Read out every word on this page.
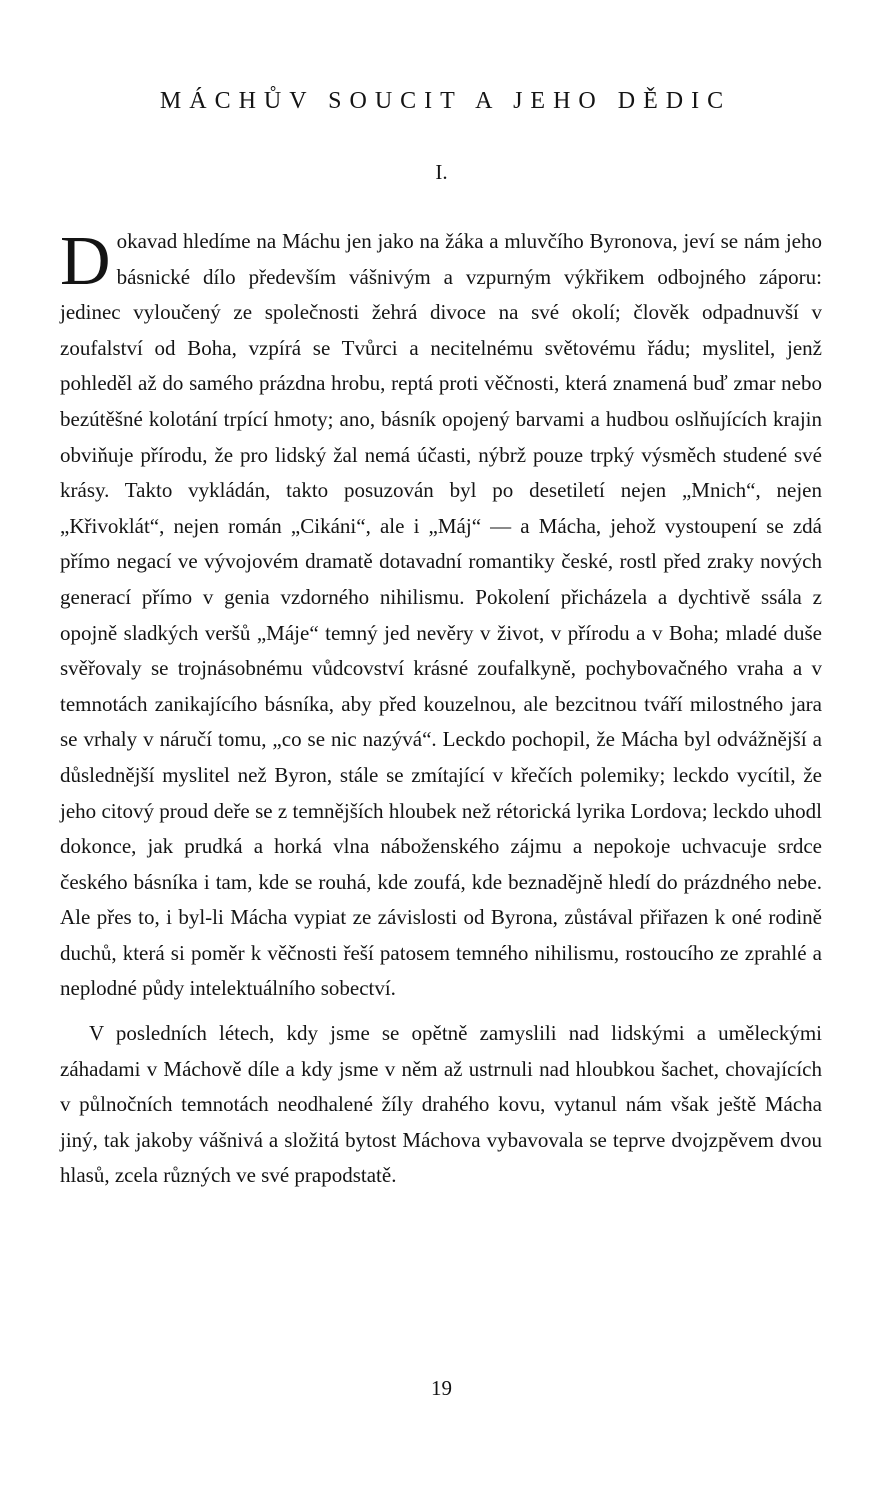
MÁCHŮV SOUCIT A JEHO DĚDIC
I.

Dokavad hledíme na Máchu jen jako na žáka a mluvčího Byronova, jeví se nám jeho básnické dílo především vášnivým a vzpurným výkřikem odbojného záporu: jedinec vyloučený ze společnosti žehrá divoce na své okolí; člověk odpadnuvší v zoufalství od Boha, vzpírá se Tvůrci a necitelnému světovému řádu; myslitel, jenž pohleděl až do samého prázdna hrobu, reptá proti věčnosti, která znamená buď zmar nebo bezútěšné kolotání trpící hmoty; ano, básník opojený barvami a hudbou oslňujících krajin obviňuje přírodu, že pro lidský žal nemá účasti, nýbrž pouze trpký výsměch studené své krásy. Takto vykládán, takto posuzován byl po desetiletí nejen „Mnich“, nejen „Křivoklát“, nejen román „Cikáni“, ale i „Máj“ — a Mácha, jehož vystoupení se zdá přímo negací ve vývojovém dramatě dotavadní romantiky české, rostl před zraky nových generací přímo v genia vzdorného nihilismu. Pokolení přicházela a dychtivě ssála z opojně sladkých veršů „Máje“ temný jed nevěry v život, v přírodu a v Boha; mladé duše svěřovaly se trojnásobnému vůdcovství krásné zoufalkyně, pochybovačného vraha a v temnotách zanikajícího básníka, aby před kouzelnou, ale bezcitnou tváří milostného jara se vrhaly v náručí tomu, „co se nic nazývá“. Leckdo pochopil, že Mácha byl odvážnější a důslednější myslitel než Byron, stále se zmítající v křečích polemiky; leckdo vycítil, že jeho citový proud deře se z temnějších hloubek než rétorická lyrika Lordova; leckdo uhodl dokonce, jak prudká a horká vlna náboženského zájmu a nepokoje uchvacuje srdce českého básníka i tam, kde se rouhá, kde zoufá, kde beznadějně hledí do prázdného nebe. Ale přes to, i byl-li Mácha vypiat ze závislosti od Byrona, zůstával přiřazen k oné rodině duchů, která si poměr k věčnosti řeší patosem temného nihilismu, rostoucího ze zprahlé a neplodné půdy intelektuálního sobectví.

V posledních létech, kdy jsme se opětně zamyslili nad lidskými a uměleckými záhadami v Máchově díle a kdy jsme v něm až ustrnuli nad hloubkou šachet, chovajících v půlnočních temnotách neodhalené žíly drahého kovu, vytanul nám však ještě Mácha jiný, tak jakoby vášnivá a složitá bytost Máchova vybavovala se teprve dvojzpěvem dvou hlasů, zcela různých ve své prapodstatě.

19
